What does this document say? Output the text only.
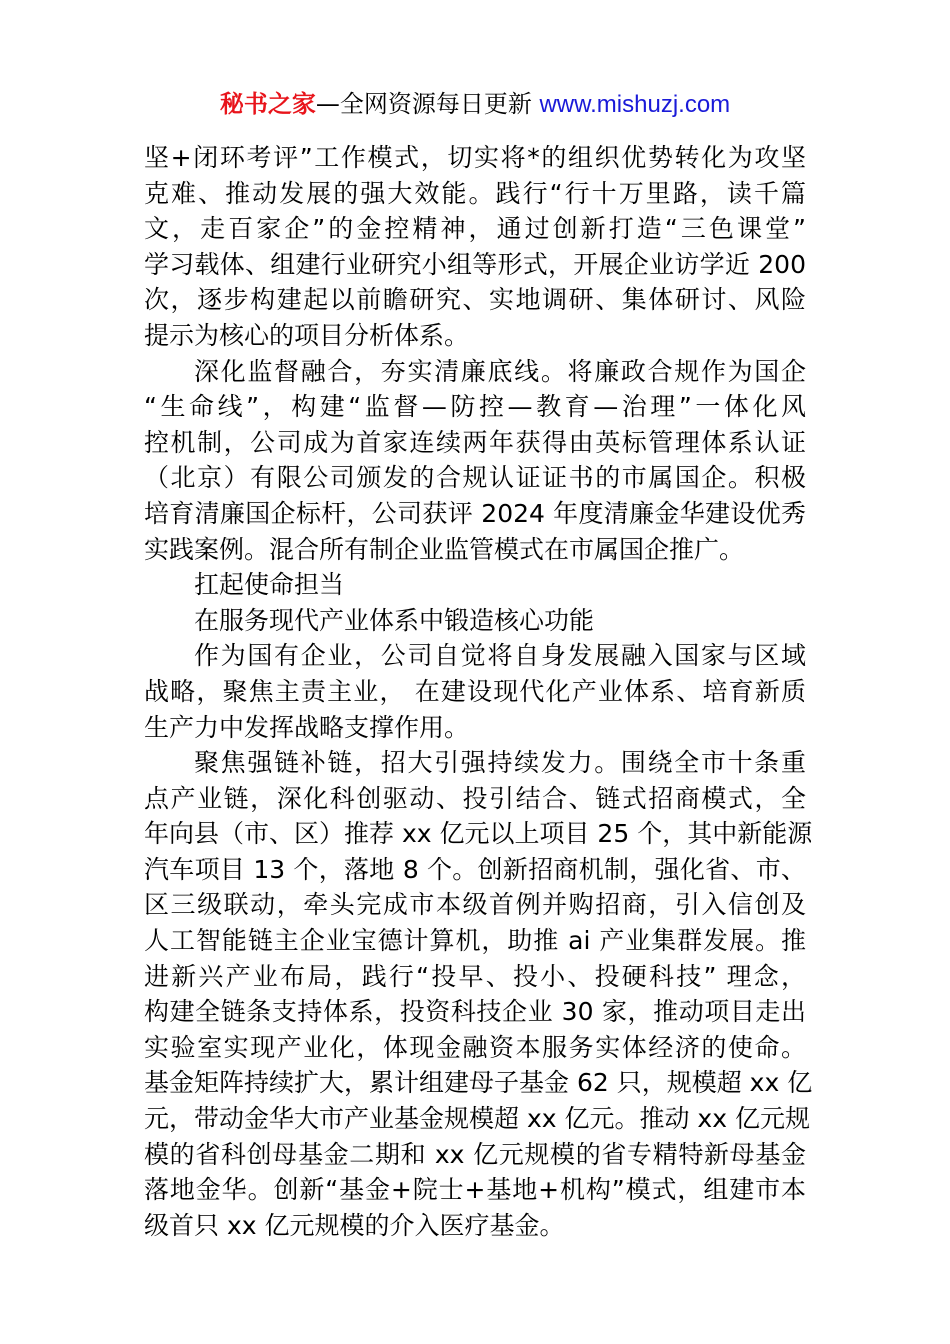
秘书之家—全网资源每日更新 www.mishuzj.com
坚+闭环考评”工作模式，切实将*的组织优势转化为攻坚
克难、推动发展的强大效能。践行“行十万里路，读千篇
文，走百家企”的金控精神，通过创新打造“三色课堂”
学习载体、组建行业研究小组等形式，开展企业访学近 200
次，逐步构建起以前瞻研究、实地调研、集体研讨、风险
提示为核心的项目分析体系。
深化监督融合，夯实清廉底线。将廉政合规作为国企
“生命线”，构建“监督—防控—教育—治理”一体化风
控机制，公司成为首家连续两年获得由英标管理体系认证
（北京）有限公司颁发的合规认证证书的市属国企。积极
培育清廉国企标杆，公司获评 2024 年度清廉金华建设优秀
实践案例。混合所有制企业监管模式在市属国企推广。
扛起使命担当
在服务现代产业体系中锻造核心功能
作为国有企业，公司自觉将自身发展融入国家与区域
战略，聚焦主责主业， 在建设现代化产业体系、培育新质
生产力中发挥战略支撑作用。
聚焦强链补链，招大引强持续发力。围绕全市十条重
点产业链，深化科创驱动、投引结合、链式招商模式，全
年向县（市、区）推荐 xx 亿元以上项目 25 个，其中新能源
汽车项目 13 个，落地 8 个。创新招商机制，强化省、市、
区三级联动，牵头完成市本级首例并购招商，引入信创及
人工智能链主企业宝德计算机，助推 ai 产业集群发展。推
进新兴产业布局，践行“投早、投小、投硬科技” 理念，
构建全链条支持体系，投资科技企业 30 家，推动项目走出
实验室实现产业化，体现金融资本服务实体经济的使命。
基金矩阵持续扩大，累计组建母子基金 62 只，规模超 xx 亿
元，带动金华大市产业基金规模超 xx 亿元。推动 xx 亿元规
模的省科创母基金二期和 xx 亿元规模的省专精特新母基金
落地金华。创新“基金+院士+基地+机构”模式，组建市本
级首只 xx 亿元规模的介入医疗基金。
